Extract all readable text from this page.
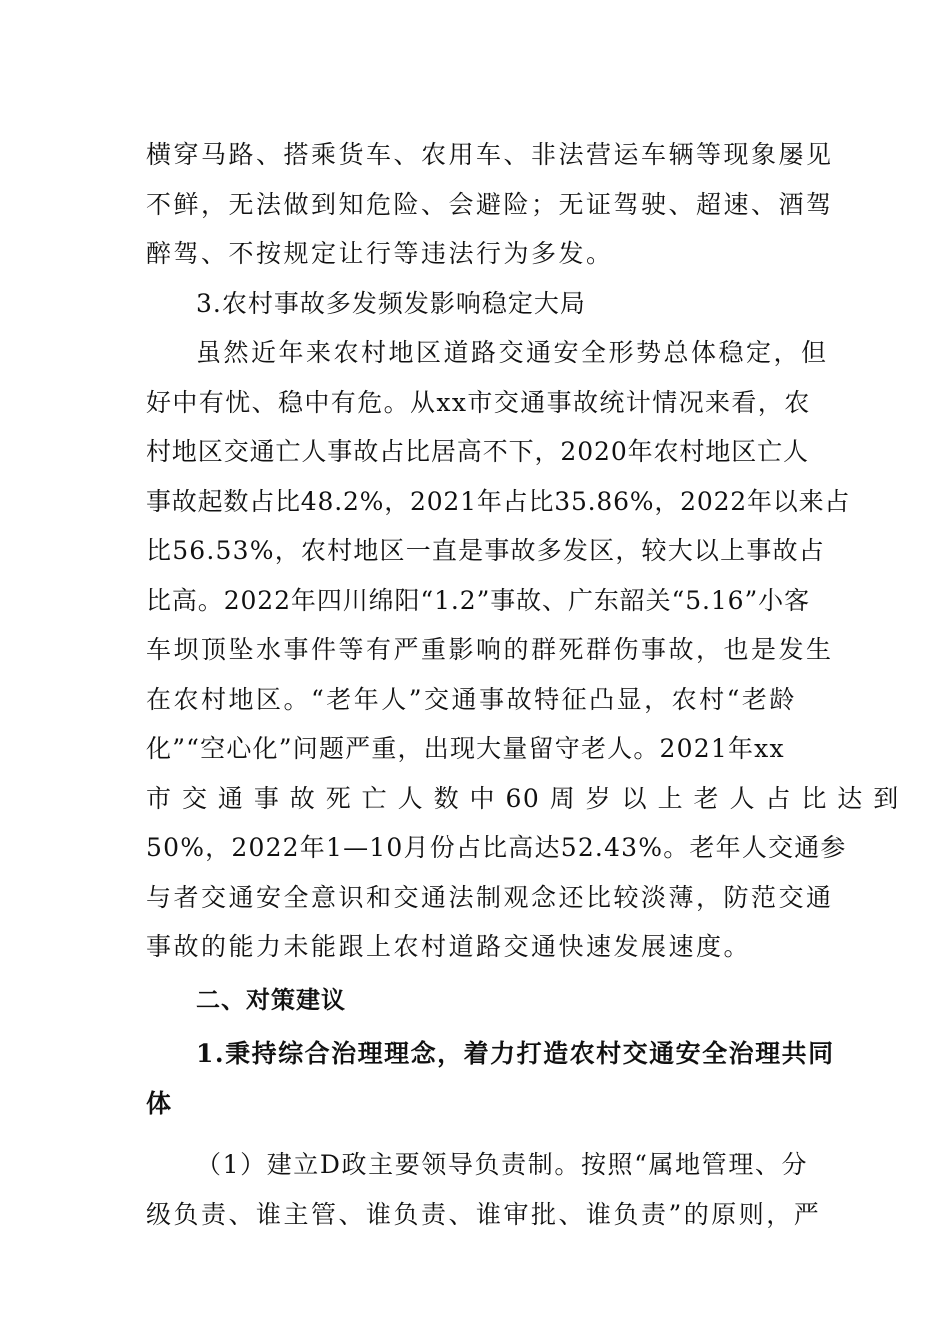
横穿马路、搭乘货车、农用车、非法营运车辆等现象屡见
不鲜，无法做到知危险、会避险；无证驾驶、超速、酒驾
醉驾、不按规定让行等违法行为多发。
3.农村事故多发频发影响稳定大局
虽然近年来农村地区道路交通安全形势总体稳定，但
好中有忧、稳中有危。从xx市交通事故统计情况来看，农
村地区交通亡人事故占比居高不下，2020年农村地区亡人
事故起数占比48.2%，2021年占比35.86%，2022年以来占
比56.53%，农村地区一直是事故多发区，较大以上事故占
比高。2022年四川绵阳“1.2”事故、广东韶关“5.16”小客
车坝顶坠水事件等有严重影响的群死群伤事故，也是发生
在农村地区。“老年人”交通事故特征凸显，农村“老龄
化”“空心化”问题严重，出现大量留守老人。2021年xx
市 交 通 事 故 死 亡 人 数 中 60 周 岁 以 上 老 人 占 比 达 到
50%，2022年1—10月份占比高达52.43%。老年人交通参
与者交通安全意识和交通法制观念还比较淡薄，防范交通
事故的能力未能跟上农村道路交通快速发展速度。
二、对策建议
1.秉持综合治理理念，着力打造农村交通安全治理共同
体
（1）建立D政主要领导负责制。按照“属地管理、分
级负责、谁主管、谁负责、谁审批、谁负责”的原则，严
